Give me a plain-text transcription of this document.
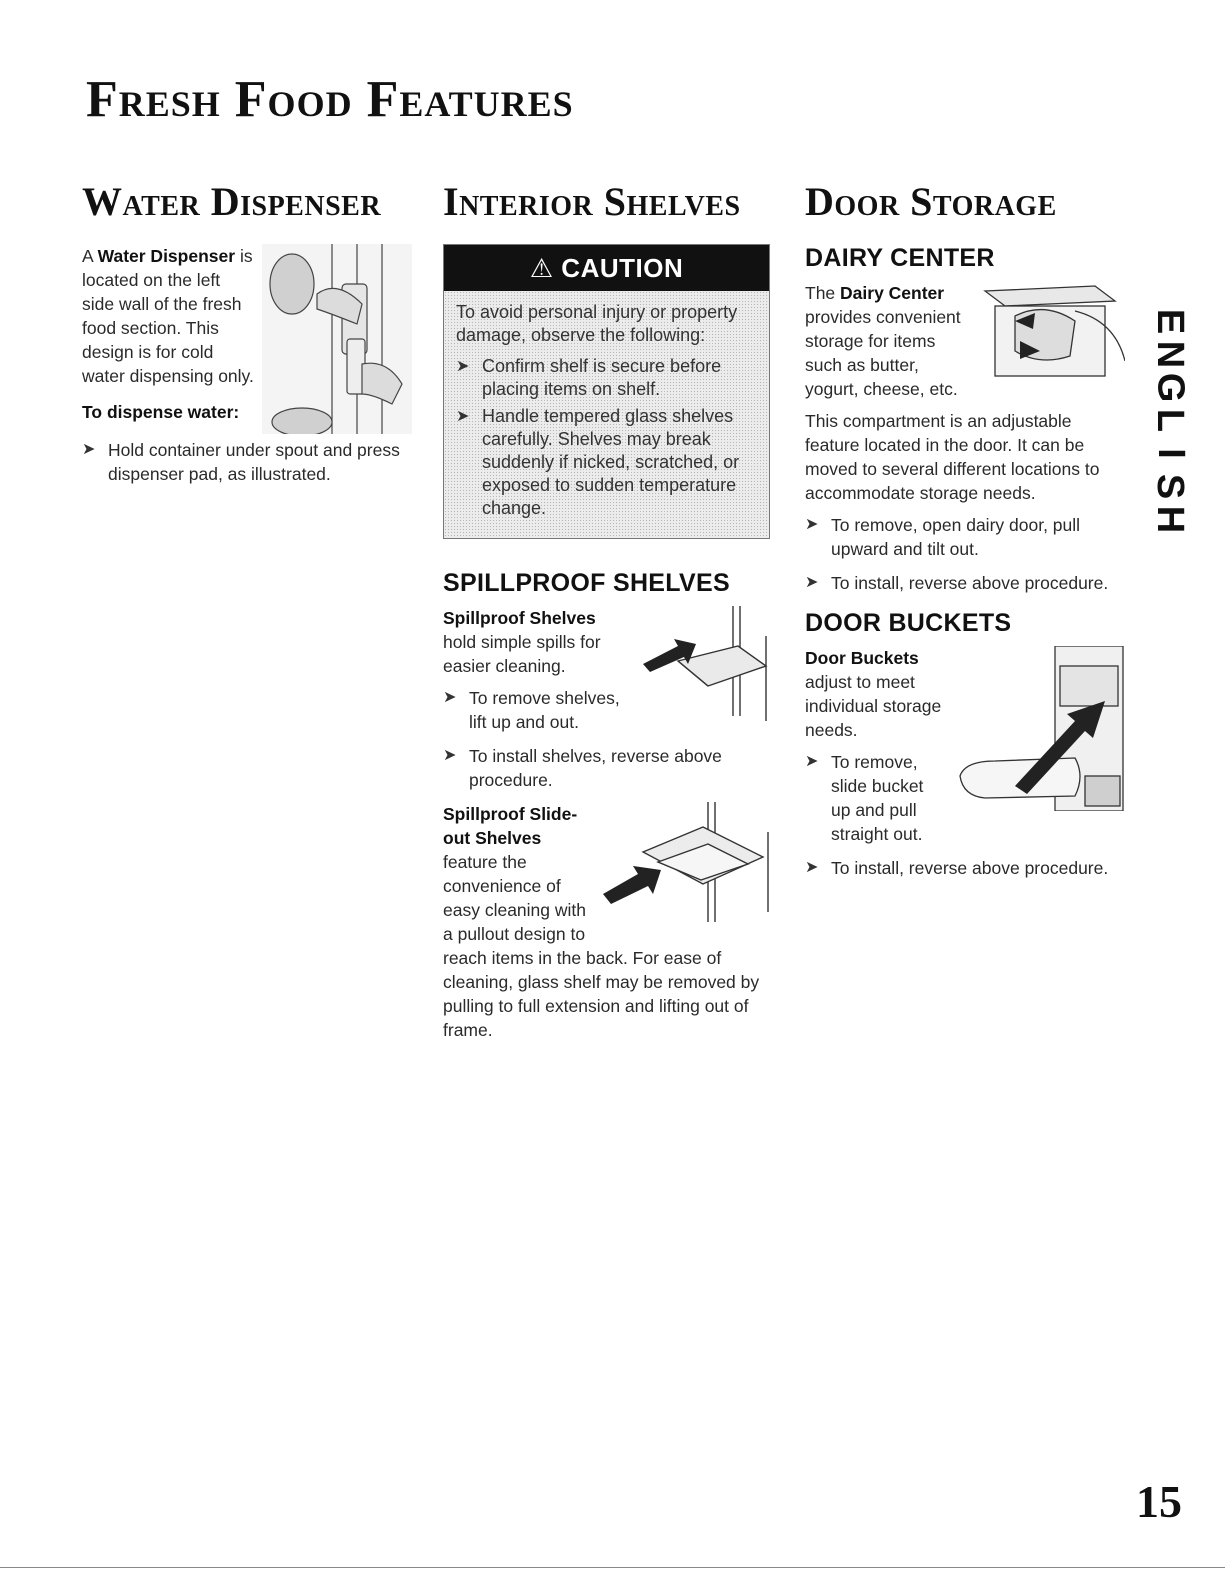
Fresh Food Features
Water Dispenser

A Water Dispenser is located on the left side wall of the fresh food section. This design is for cold water dispensing only.

To dispense water:

➤ Hold container under spout and press dispenser pad, as illustrated.
Interior Shelves
⚠ CAUTION

To avoid personal injury or property damage, observe the following:

➤ Confirm shelf is secure before placing items on shelf.
➤ Handle tempered glass shelves carefully. Shelves may break suddenly if nicked, scratched, or exposed to sudden temperature change.
SPILLPROOF SHELVES

Spillproof Shelves hold simple spills for easier cleaning.

➤ To remove shelves, lift up and out.
➤ To install shelves, reverse above procedure.

Spillproof Slide-out Shelves feature the convenience of easy cleaning with a pullout design to reach items in the back. For ease of cleaning, glass shelf may be removed by pulling to full extension and lifting out of frame.

Door Storage
DAIRY CENTER

The Dairy Center provides convenient storage for items such as butter, yogurt, cheese, etc.

This compartment is an adjustable feature located in the door. It can be moved to several different locations to accommodate storage needs.

➤ To remove, open dairy door, pull upward and tilt out.
➤ To install, reverse above procedure.
DOOR BUCKETS

Door Buckets adjust to meet individual storage needs.

➤ To remove, slide bucket up and pull straight out.
➤ To install, reverse above procedure.
E
N
G
L
I
S
H

15
